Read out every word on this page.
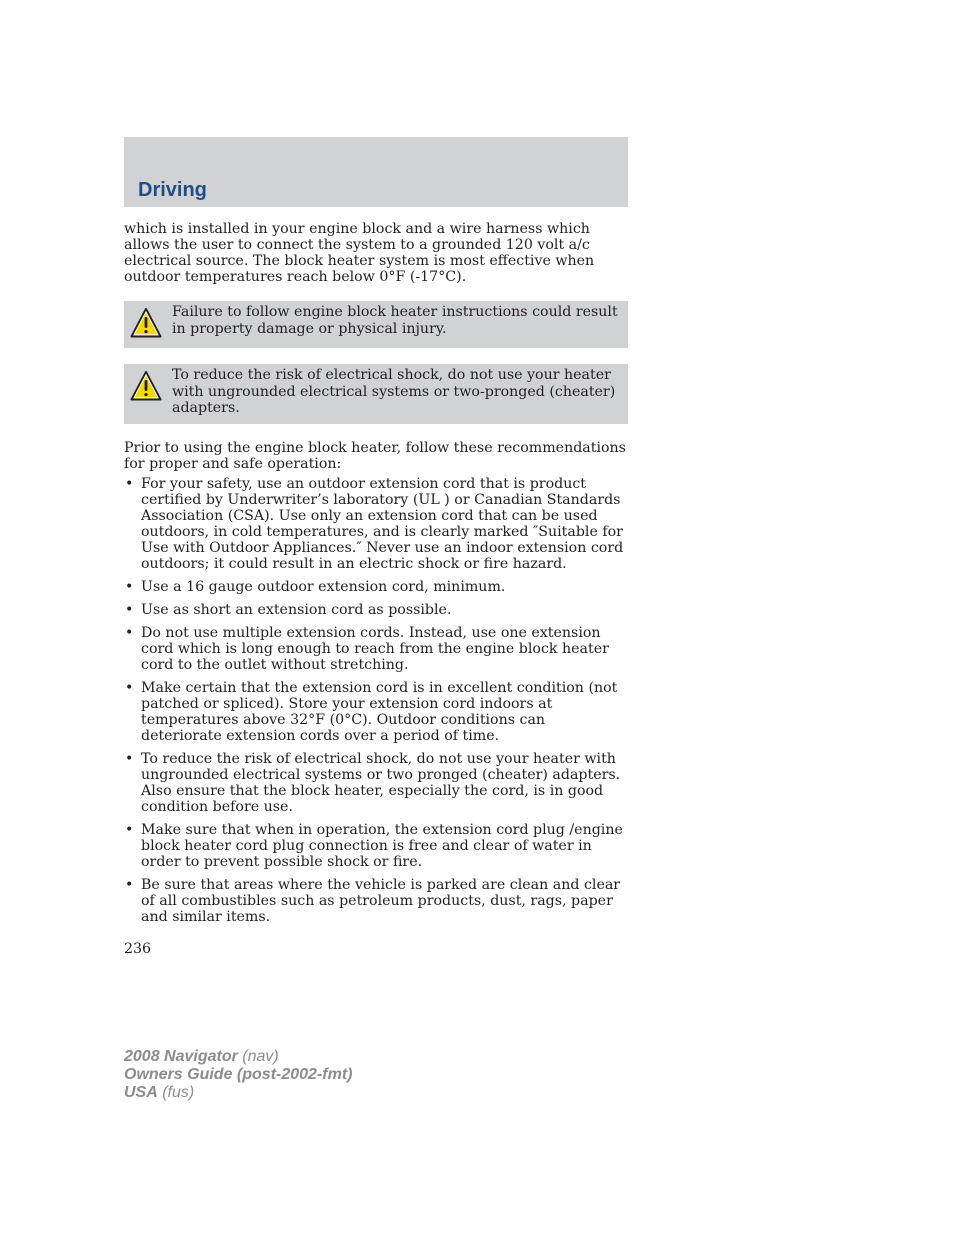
Driving

which is installed in your engine block and a wire harness which allows the user to connect the system to a grounded 120 volt a/c electrical source. The block heater system is most effective when outdoor temperatures reach below 0°F (-17°C).

Failure to follow engine block heater instructions could result in property damage or physical injury.

To reduce the risk of electrical shock, do not use your heater with ungrounded electrical systems or two-pronged (cheater) adapters.

Prior to using the engine block heater, follow these recommendations for proper and safe operation:

• For your safety, use an outdoor extension cord that is product certified by Underwriter’s laboratory (UL ) or Canadian Standards Association (CSA). Use only an extension cord that can be used outdoors, in cold temperatures, and is clearly marked ″Suitable for Use with Outdoor Appliances.″ Never use an indoor extension cord outdoors; it could result in an electric shock or fire hazard.
• Use a 16 gauge outdoor extension cord, minimum.
• Use as short an extension cord as possible.
• Do not use multiple extension cords. Instead, use one extension cord which is long enough to reach from the engine block heater cord to the outlet without stretching.
• Make certain that the extension cord is in excellent condition (not patched or spliced). Store your extension cord indoors at temperatures above 32°F (0°C). Outdoor conditions can deteriorate extension cords over a period of time.
• To reduce the risk of electrical shock, do not use your heater with ungrounded electrical systems or two pronged (cheater) adapters. Also ensure that the block heater, especially the cord, is in good condition before use.
• Make sure that when in operation, the extension cord plug /engine block heater cord plug connection is free and clear of water in order to prevent possible shock or fire.
• Be sure that areas where the vehicle is parked are clean and clear of all combustibles such as petroleum products, dust, rags, paper and similar items.

236

2008 Navigator (nav)
Owners Guide (post-2002-fmt)
USA (fus)
